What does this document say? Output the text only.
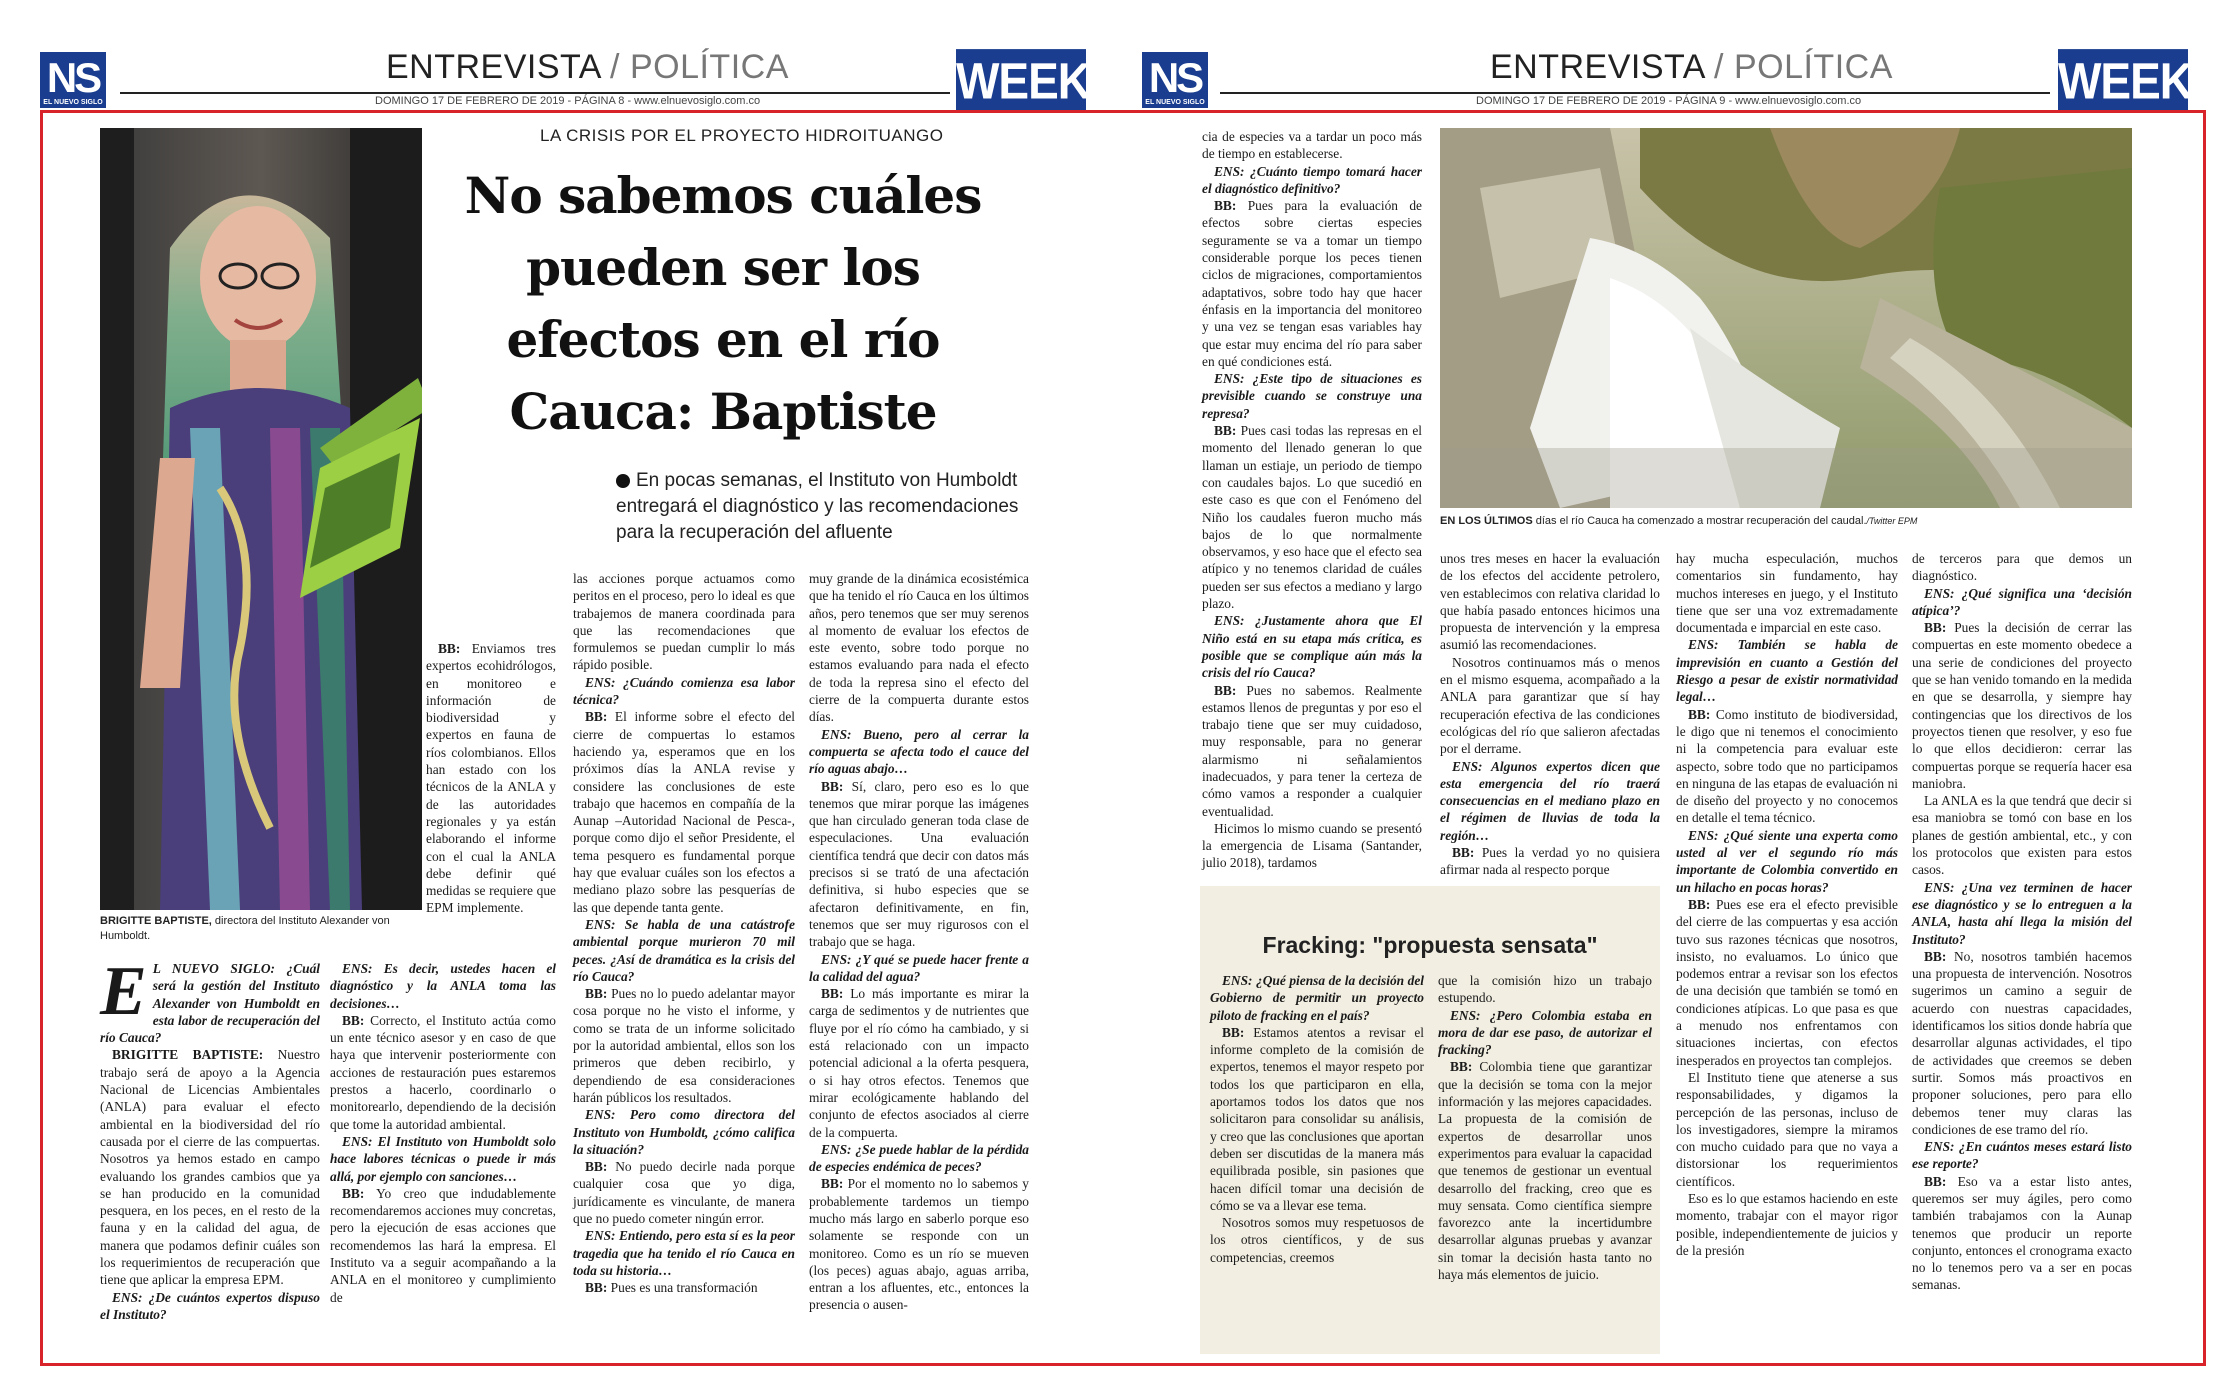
NS
EL NUEVO SIGLO
ENTREVISTA / POLÍTICA
DOMINGO 17 DE FEBRERO DE 2019 - PÁGINA 8 - www.elnuevosiglo.com.co	WEEK NS
EL NUEVO SIGLO
ENTREVISTA / POLÍTICA
DOMINGO 17 DE FEBRERO DE 2019 - PÁGINA 9 - www.elnuevosiglo.com.co	WEEK
BRIGITTE BAPTISTE, directora del Instituto Alexander von Humboldt.
LA CRISIS POR EL PROYECTO HIDROITUANGO
No sabemos cuáles
pueden ser los
efectos en el río
Cauca: Baptiste
En pocas semanas, el Instituto von Humboldt entregará el diagnóstico y las recomendaciones para la recuperación del afluente

E L NUEVO SIGLO: ¿Cuál será la gestión del Instituto Alexander von Humboldt en esta labor de recuperación del río Cauca?

BRIGITTE BAPTISTE: Nuestro trabajo será de apoyo a la Agencia Nacional de Licencias Ambientales (ANLA) para evaluar el efecto ambiental en la biodiversidad del río causada por el cierre de las compuertas. Nosotros ya hemos estado en campo evaluando los grandes cambios que ya se han producido en la comunidad pesquera, en los peces, en el resto de la fauna y en la calidad del agua, de manera que podamos definir cuáles son los requerimientos de recuperación que tiene que aplicar la empresa EPM.

ENS: ¿De cuántos expertos dispuso el Instituto?

ENS: Es decir, ustedes hacen el diagnóstico y la ANLA toma las decisiones…

BB: Correcto, el Instituto actúa como un ente técnico asesor y en caso de que haya que intervenir posteriormente con acciones de restauración pues estaremos prestos a hacerlo, coordinarlo o monitorearlo, dependiendo de la decisión que tome la autoridad ambiental.

ENS: El Instituto von Humboldt solo hace labores técnicas o puede ir más allá, por ejemplo con sanciones…

BB: Yo creo que indudablemente recomendaremos acciones muy concretas, pero la ejecución de esas acciones que recomendemos las hará la empresa. El Instituto va a seguir acompañando a la ANLA en el monitoreo y cumplimiento de

BB: Enviamos tres expertos ecohidrólogos, en monitoreo e información de biodiversidad y expertos en fauna de ríos colombianos. Ellos han estado con los técnicos de la ANLA y de las autoridades regionales y ya están elaborando el informe con el cual la ANLA debe definir qué medidas se requiere que EPM implemente.

las acciones porque actuamos como peritos en el proceso, pero lo ideal es que trabajemos de manera coordinada para que las recomendaciones que formulemos se puedan cumplir lo más rápido posible.

ENS: ¿Cuándo comienza esa labor técnica?

BB: El informe sobre el efecto del cierre de compuertas lo estamos haciendo ya, esperamos que en los próximos días la ANLA revise y considere las conclusiones de este trabajo que hacemos en compañía de la Aunap –Autoridad Nacional de Pesca-, porque como dijo el señor Presidente, el tema pesquero es fundamental porque hay que evaluar cuáles son los efectos a mediano plazo sobre las pesquerías de las que depende tanta gente.

ENS: Se habla de una catástrofe ambiental porque murieron 70 mil peces. ¿Así de dramática es la crisis del río Cauca?

BB: Pues no lo puedo adelantar mayor cosa porque no he visto el informe, y como se trata de un informe solicitado por la autoridad ambiental, ellos son los primeros que deben recibirlo, y dependiendo de esa consideraciones harán públicos los resultados.

ENS: Pero como directora del Instituto von Humboldt, ¿cómo califica la situación?

BB: No puedo decirle nada porque cualquier cosa que yo diga, jurídicamente es vinculante, de manera que no puedo cometer ningún error.

ENS: Entiendo, pero esta sí es la peor tragedia que ha tenido el río Cauca en toda su historia…

BB: Pues es una transformación

muy grande de la dinámica ecosistémica que ha tenido el río Cauca en los últimos años, pero tenemos que ser muy serenos al momento de evaluar los efectos de este evento, sobre todo porque no estamos evaluando para nada el efecto de toda la represa sino el efecto del cierre de la compuerta durante estos días.

ENS: Bueno, pero al cerrar la compuerta se afecta todo el cauce del río aguas abajo…

BB: Sí, claro, pero eso es lo que tenemos que mirar porque las imágenes que han circulado generan toda clase de especulaciones. Una evaluación científica tendrá que decir con datos más precisos si se trató de una afectación definitiva, si hubo especies que se afectaron definitivamente, en fin, tenemos que ser muy rigurosos con el trabajo que se haga.

ENS: ¿Y qué se puede hacer frente a la calidad del agua?

BB: Lo más importante es mirar la carga de sedimentos y de nutrientes que fluye por el río cómo ha cambiado, y si está relacionado con un impacto potencial adicional a la oferta pesquera, o si hay otros efectos. Tenemos que mirar ecológicamente hablando del conjunto de efectos asociados al cierre de la compuerta.

ENS: ¿Se puede hablar de la pérdida de especies endémica de peces?

BB: Por el momento no lo sabemos y probablemente tardemos un tiempo mucho más largo en saberlo porque eso solamente se responde con un monitoreo. Como es un río se mueven (los peces) aguas abajo, aguas arriba, entran a los afluentes, etc., entonces la presencia o ausen-

cia de especies va a tardar un poco más de tiempo en establecerse.

ENS: ¿Cuánto tiempo tomará hacer el diagnóstico definitivo?

BB: Pues para la evaluación de efectos sobre ciertas especies seguramente se va a tomar un tiempo considerable porque los peces tienen ciclos de migraciones, comportamientos adaptativos, sobre todo hay que hacer énfasis en la importancia del monitoreo y una vez se tengan esas variables hay que estar muy encima del río para saber en qué condiciones está.

ENS: ¿Este tipo de situaciones es previsible cuando se construye una represa?

BB: Pues casi todas las represas en el momento del llenado generan lo que llaman un estiaje, un periodo de tiempo con caudales bajos. Lo que sucedió en este caso es que con el Fenómeno del Niño los caudales fueron mucho más bajos de lo que normalmente observamos, y eso hace que el efecto sea atípico y no tenemos claridad de cuáles pueden ser sus efectos a mediano y largo plazo.

ENS: ¿Justamente ahora que El Niño está en su etapa más crítica, es posible que se complique aún más la crisis del río Cauca?

BB: Pues no sabemos. Realmente estamos llenos de preguntas y por eso el trabajo tiene que ser muy cuidadoso, muy responsable, para no generar alarmismo ni señalamientos inadecuados, y para tener la certeza de cómo vamos a responder a cualquier eventualidad.

Hicimos lo mismo cuando se presentó la emergencia de Lisama (Santander, julio 2018), tardamos

EN LOS ÚLTIMOS días el río Cauca ha comenzado a mostrar recuperación del caudal./Twitter EPM

unos tres meses en hacer la evaluación de los efectos del accidente petrolero, ven establecimos con relativa claridad lo que había pasado entonces hicimos una propuesta de intervención y la empresa asumió las recomendaciones.

Nosotros continuamos más o menos en el mismo esquema, acompañado a la ANLA para garantizar que sí hay recuperación efectiva de las condiciones ecológicas del río que salieron afectadas por el derrame.

ENS: Algunos expertos dicen que esta emergencia del río traerá consecuencias en el mediano plazo en el régimen de lluvias de toda la región…

BB: Pues la verdad yo no quisiera afirmar nada al respecto porque

hay mucha especulación, muchos comentarios sin fundamento, hay muchos intereses en juego, y el Instituto tiene que ser una voz extremadamente documentada e imparcial en este caso.

ENS: También se habla de imprevisión en cuanto a Gestión del Riesgo a pesar de existir normatividad legal…

BB: Como instituto de biodiversidad, le digo que ni tenemos el conocimiento ni la competencia para evaluar este aspecto, sobre todo que no participamos en ninguna de las etapas de evaluación ni de diseño del proyecto y no conocemos en detalle el tema técnico.

ENS: ¿Qué siente una experta como usted al ver el segundo río más importante de Colombia convertido en un hilacho en pocas horas?

BB: Pues ese era el efecto previsible del cierre de las compuertas y esa acción tuvo sus razones técnicas que nosotros, insisto, no evaluamos. Lo único que podemos entrar a revisar son los efectos de una decisión que también se tomó en condiciones atípicas. Lo que pasa es que a menudo nos enfrentamos con situaciones inciertas, con efectos inesperados en proyectos tan complejos.

El Instituto tiene que atenerse a sus responsabilidades, y digamos la percepción de las personas, incluso de los investigadores, siempre la miramos con mucho cuidado para que no vaya a distorsionar los requerimientos científicos.

Eso es lo que estamos haciendo en este momento, trabajar con el mayor rigor posible, independientemente de juicios y de la presión

de terceros para que demos un diagnóstico.

ENS: ¿Qué significa una ‘decisión atípica’?

BB: Pues la decisión de cerrar las compuertas en este momento obedece a una serie de condiciones del proyecto que se han venido tomando en la medida en que se desarrolla, y siempre hay contingencias que los directivos de los proyectos tienen que resolver, y eso fue lo que ellos decidieron: cerrar las compuertas porque se requería hacer esa maniobra.

La ANLA es la que tendrá que decir si esa maniobra se tomó con base en los planes de gestión ambiental, etc., y con los protocolos que existen para estos casos.

ENS: ¿Una vez terminen de hacer ese diagnóstico y se lo entreguen a la ANLA, hasta ahí llega la misión del Instituto?

BB: No, nosotros también hacemos una propuesta de intervención. Nosotros sugerimos un camino a seguir de acuerdo con nuestras capacidades, identificamos los sitios donde habría que desarrollar algunas actividades, el tipo de actividades que creemos se deben surtir. Somos más proactivos en proponer soluciones, pero para ello debemos tener muy claras las condiciones de ese tramo del río.

ENS: ¿En cuántos meses estará listo ese reporte?

BB: Eso va a estar listo antes, queremos ser muy ágiles, pero como también trabajamos con la Aunap tenemos que producir un reporte conjunto, entonces el cronograma exacto no lo tenemos pero va a ser en pocas semanas.

Fracking: "propuesta sensata"

ENS: ¿Qué piensa de la decisión del Gobierno de permitir un proyecto piloto de fracking en el país?

BB: Estamos atentos a revisar el informe completo de la comisión de expertos, tenemos el mayor respeto por todos los que participaron en ella, aportamos todos los datos que nos solicitaron para consolidar su análisis, y creo que las conclusiones que aportan deben ser discutidas de la manera más equilibrada posible, sin pasiones que hacen difícil tomar una decisión de cómo se va a llevar ese tema.

Nosotros somos muy respetuosos de los otros científicos, y de sus competencias, creemos

que la comisión hizo un trabajo estupendo.

ENS: ¿Pero Colombia estaba en mora de dar ese paso, de autorizar el fracking?

BB: Colombia tiene que garantizar que la decisión se toma con la mejor información y las mejores capacidades. La propuesta de la comisión de expertos de desarrollar unos experimentos para evaluar la capacidad que tenemos de gestionar un eventual desarrollo del fracking, creo que es muy sensata. Como científica siempre favorezco ante la incertidumbre desarrollar algunas pruebas y avanzar sin tomar la decisión hasta tanto no haya más elementos de juicio.
